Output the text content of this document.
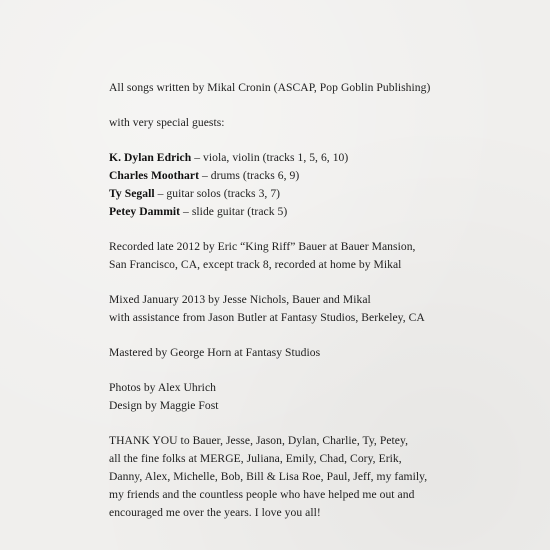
All songs written by Mikal Cronin (ASCAP, Pop Goblin Publishing)

with very special guests:

K. Dylan Edrich – viola, violin (tracks 1, 5, 6, 10)
Charles Moothart – drums (tracks 6, 9)
Ty Segall – guitar solos (tracks 3, 7)
Petey Dammit – slide guitar (track 5)

Recorded late 2012 by Eric “King Riff” Bauer at Bauer Mansion,
San Francisco, CA, except track 8, recorded at home by Mikal

Mixed January 2013 by Jesse Nichols, Bauer and Mikal
with assistance from Jason Butler at Fantasy Studios, Berkeley, CA

Mastered by George Horn at Fantasy Studios

Photos by Alex Uhrich
Design by Maggie Fost

THANK YOU to Bauer, Jesse, Jason, Dylan, Charlie, Ty, Petey,
all the fine folks at MERGE, Juliana, Emily, Chad, Cory, Erik,
Danny, Alex, Michelle, Bob, Bill & Lisa Roe, Paul, Jeff, my family,
my friends and the countless people who have helped me out and
encouraged me over the years. I love you all!
